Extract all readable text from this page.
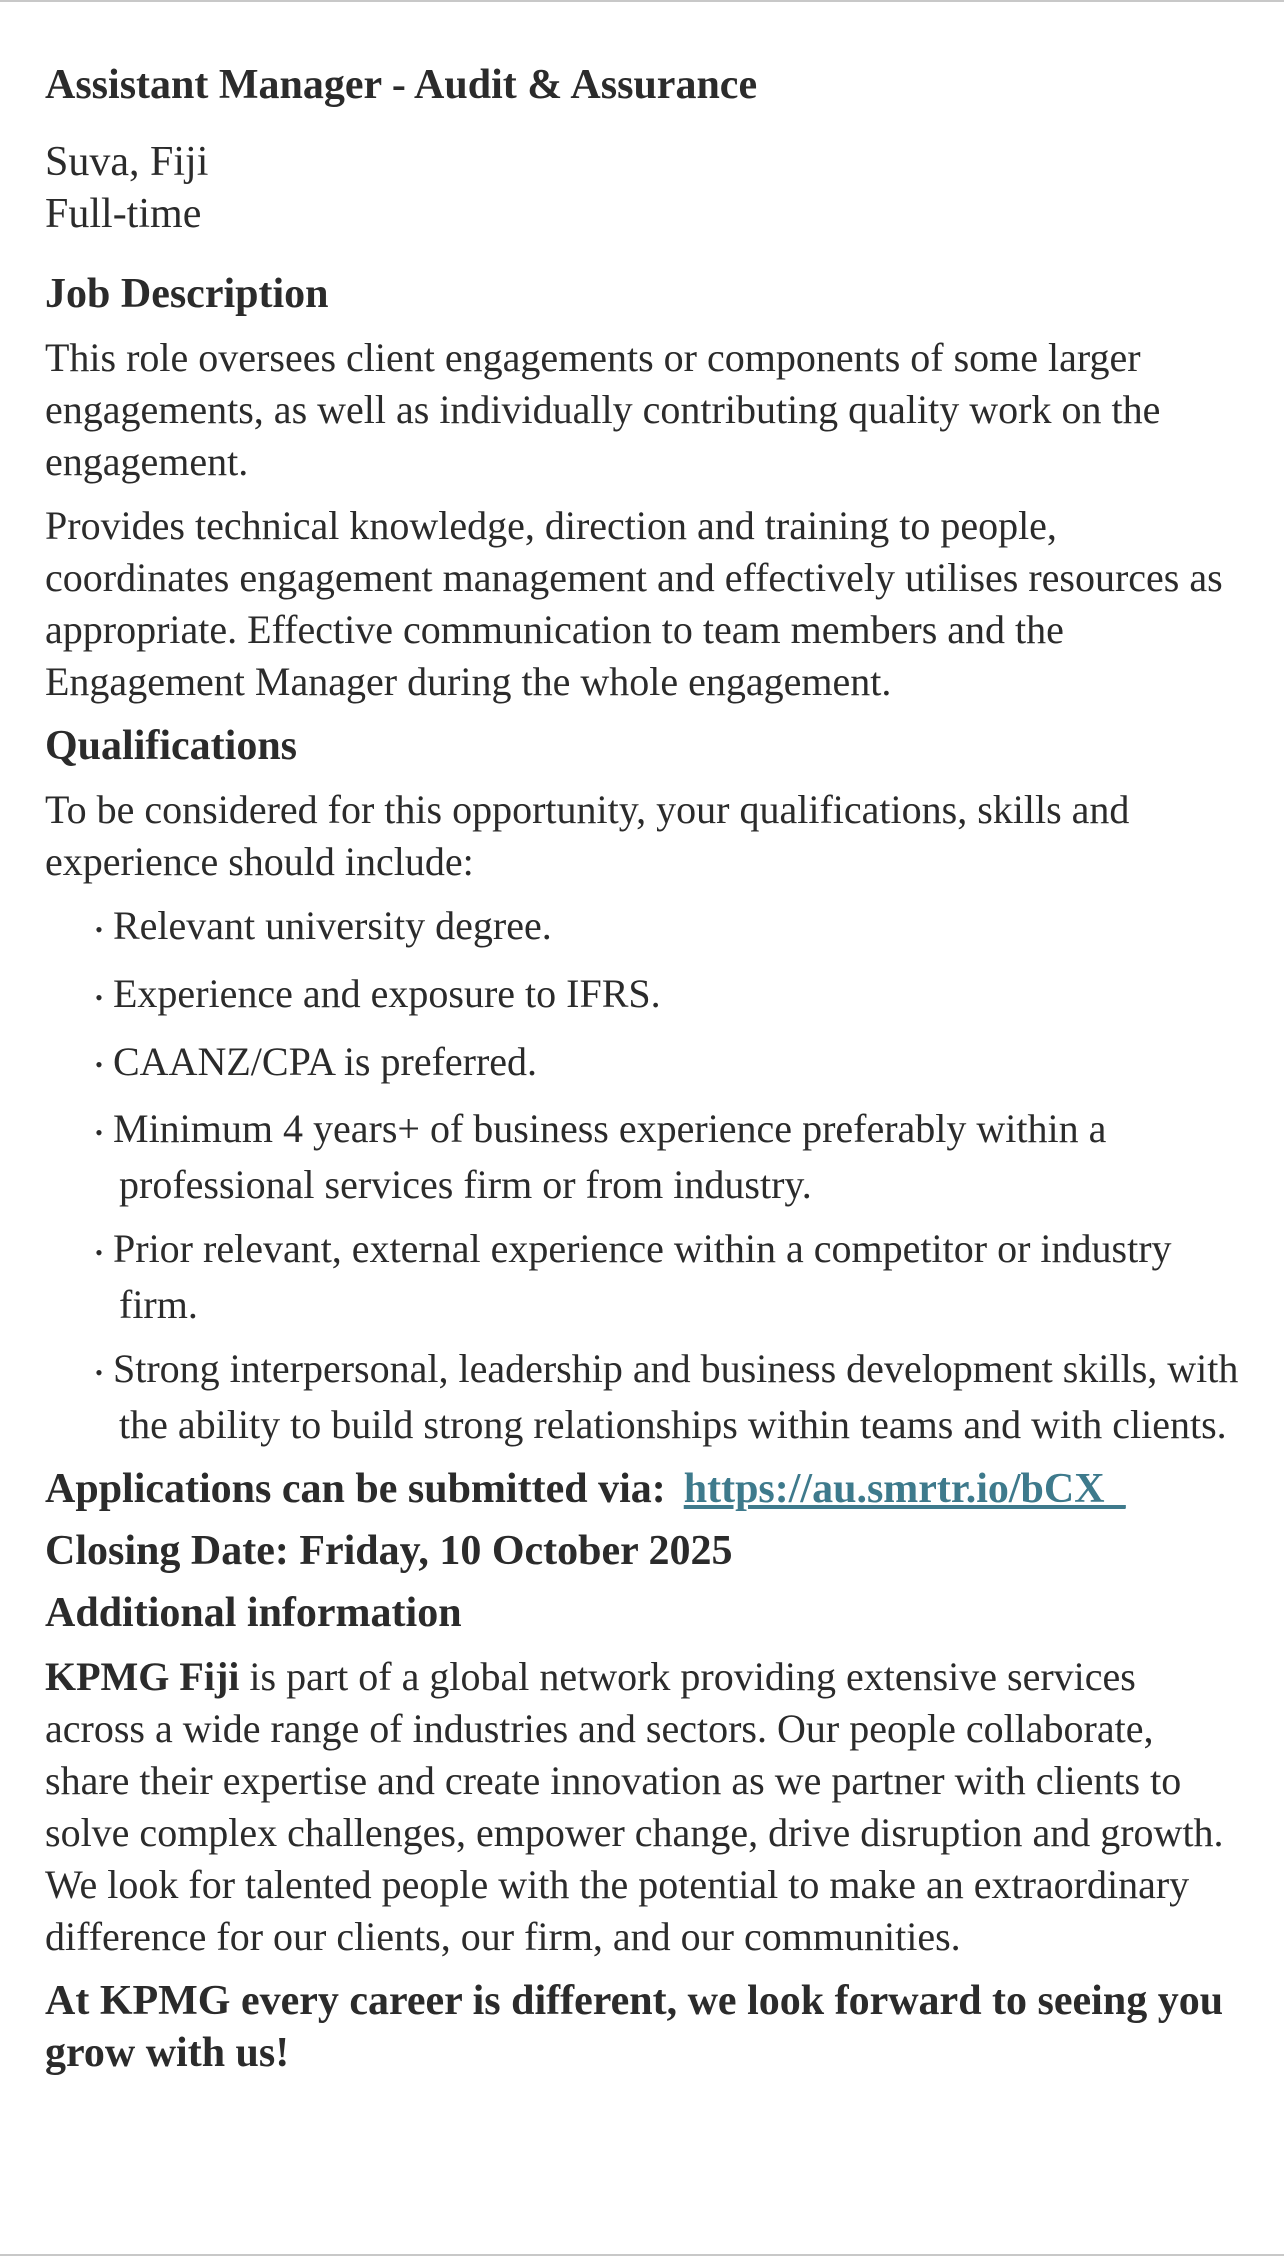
Assistant Manager - Audit & Assurance
Suva, Fiji
Full-time
Job Description

This role oversees client engagements or components of some larger engagements, as well as individually contributing quality work on the engagement.

Provides technical knowledge, direction and training to people, coordinates engagement management and effectively utilises resources as appropriate. Effective communication to team members and the Engagement Manager during the whole engagement.

Qualifications

To be considered for this opportunity, your qualifications, skills and experience should include:

• Relevant university degree.
• Experience and exposure to IFRS.
• CAANZ/CPA is preferred.
• Minimum 4 years+ of business experience preferably within a professional services firm or from industry.
• Prior relevant, external experience within a competitor or industry firm.
• Strong interpersonal, leadership and business development skills, with the ability to build strong relationships within teams and with clients.
Applications can be submitted via: https://au.smrtr.io/bCX_
Closing Date: Friday, 10 October 2025
Additional information

KPMG Fiji is part of a global network providing extensive services across a wide range of industries and sectors. Our people collaborate, share their expertise and create innovation as we partner with clients to solve complex challenges, empower change, drive disruption and growth. We look for talented people with the potential to make an extraordinary difference for our clients, our firm, and our communities.

At KPMG every career is different, we look forward to seeing you grow with us!
